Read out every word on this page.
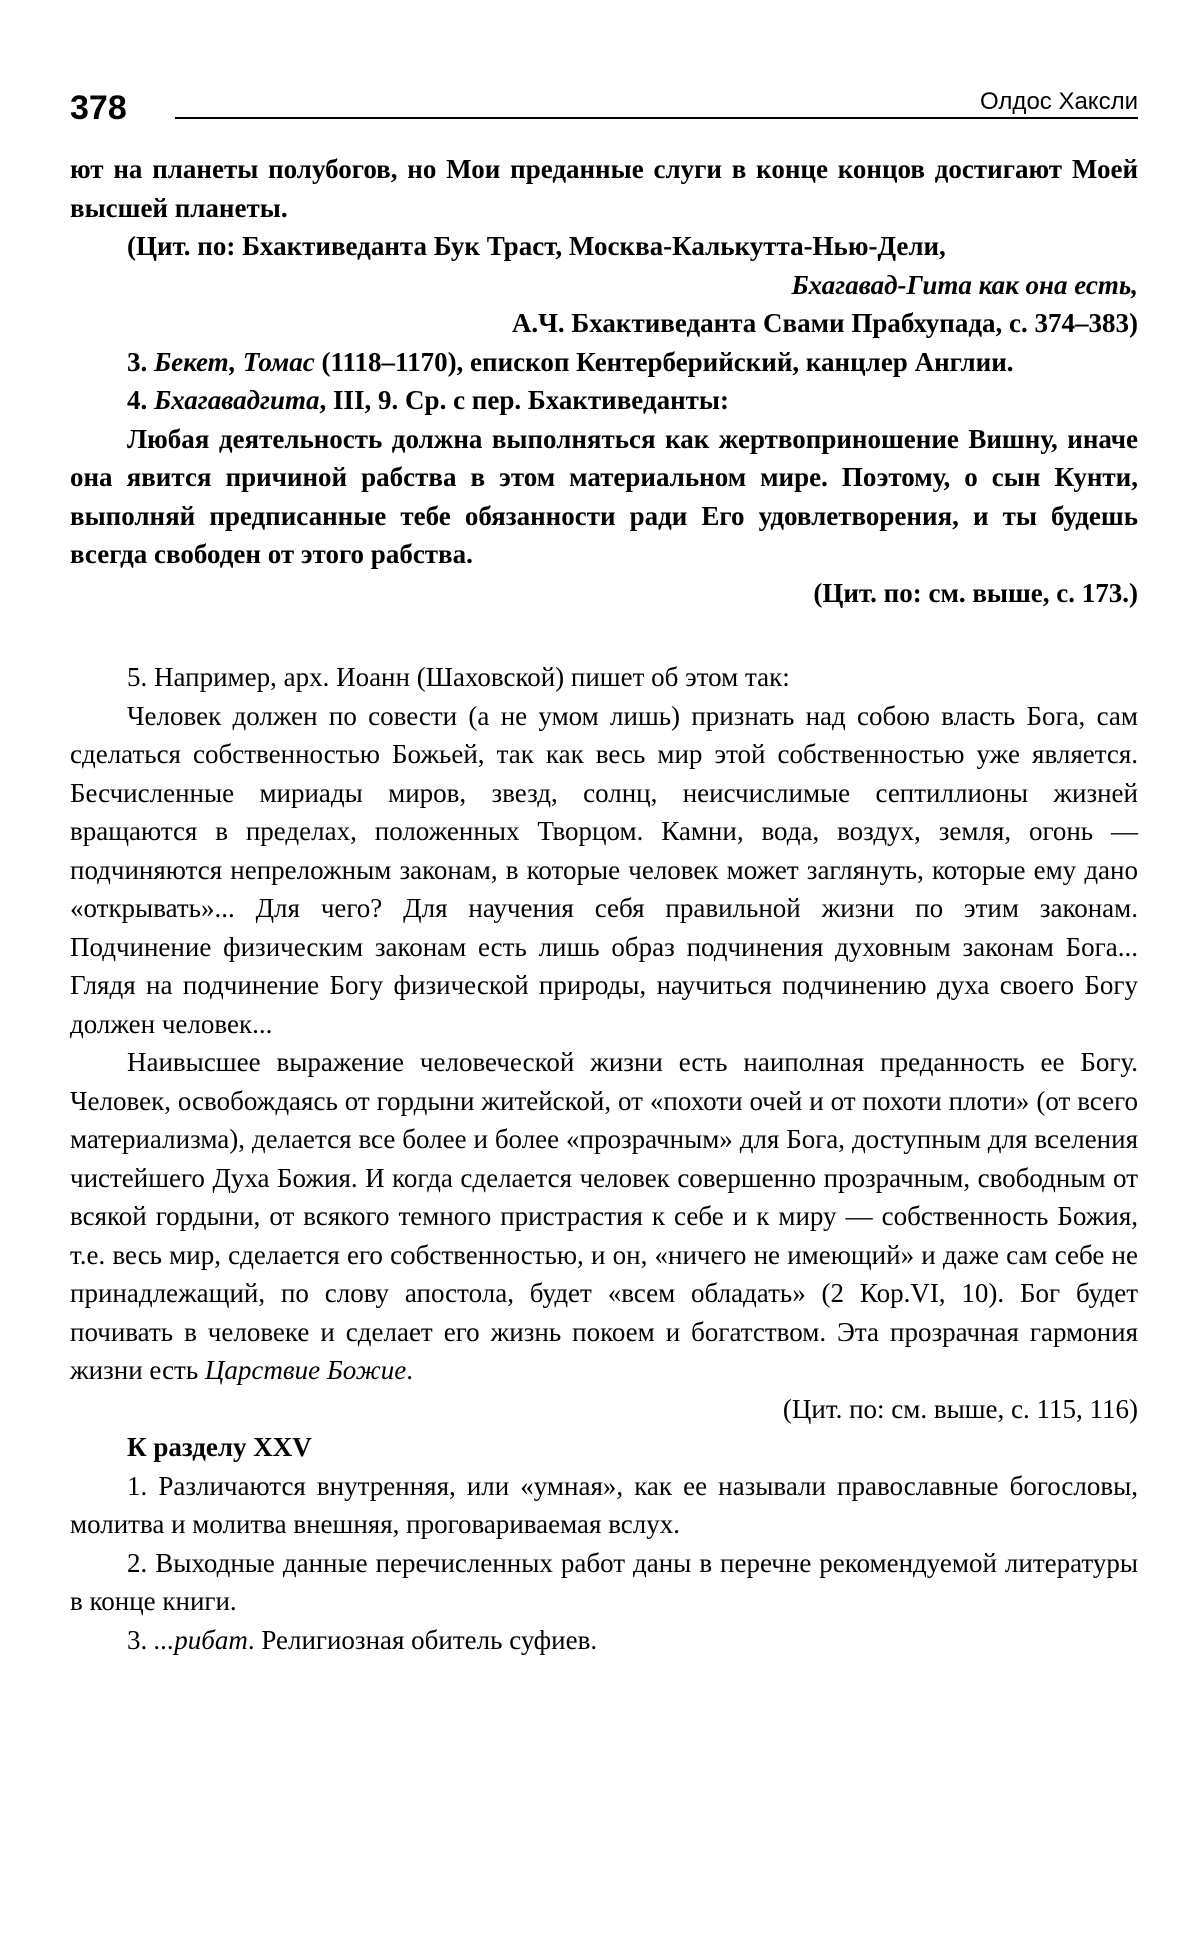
378	Олдос Хаксли

ют на планеты полубогов, но Мои преданные слуги в конце концов достигают Моей высшей планеты.

(Цит. по: Бхактиведанта Бук Траст, Москва-Калькутта-Нью-Дели,

Бхагавад-Гита как она есть,

А.Ч. Бхактиведанта Свами Прабхупада, с. 374–383)

3. Бекет, Томас (1118–1170), епископ Кентерберийский, канцлер Англии.

4. Бхагавадгита, III, 9. Ср. с пер. Бхактиведанты:

Любая деятельность должна выполняться как жертвоприношение Вишну, иначе она явится причиной рабства в этом материальном мире. Поэтому, о сын Кунти, выполняй предписанные тебе обязанности ради Его удовлетворения, и ты будешь всегда свободен от этого рабства.

(Цит. по: см. выше, с. 173.)

5. Например, арх. Иоанн (Шаховской) пишет об этом так:

Человек должен по совести (а не умом лишь) признать над собою власть Бога, сам сделаться собственностью Божьей, так как весь мир этой собственностью уже является. Бесчисленные мириады миров, звезд, солнц, неисчислимые септиллионы жизней вращаются в пределах, положенных Творцом. Камни, вода, воздух, земля, огонь — подчиняются непреложным законам, в которые человек может заглянуть, которые ему дано «открывать»... Для чего? Для научения себя правильной жизни по этим законам. Подчинение физическим законам есть лишь образ подчинения духовным законам Бога... Глядя на подчинение Богу физической природы, научиться подчинению духа своего Богу должен человек...

Наивысшее выражение человеческой жизни есть наиполная преданность ее Богу. Человек, освобождаясь от гордыни житейской, от «похоти очей и от похоти плоти» (от всего материализма), делается все более и более «прозрачным» для Бога, доступным для вселения чистейшего Духа Божия. И когда сделается человек совершенно прозрачным, свободным от всякой гордыни, от всякого темного пристрастия к себе и к миру — собственность Божия, т.е. весь мир, сделается его собственностью, и он, «ничего не имеющий» и даже сам себе не принадлежащий, по слову апостола, будет «всем обладать» (2 Кор.VI, 10). Бог будет почивать в человеке и сделает его жизнь покоем и богатством. Эта прозрачная гармония жизни есть Царствие Божие.

(Цит. по: см. выше, с. 115, 116)

К разделу XXV

1. Различаются внутренняя, или «умная», как ее называли православные богословы, молитва и молитва внешняя, проговариваемая вслух.

2. Выходные данные перечисленных работ даны в перечне рекомендуемой литературы в конце книги.

3. ...рибат. Религиозная обитель суфиев.
